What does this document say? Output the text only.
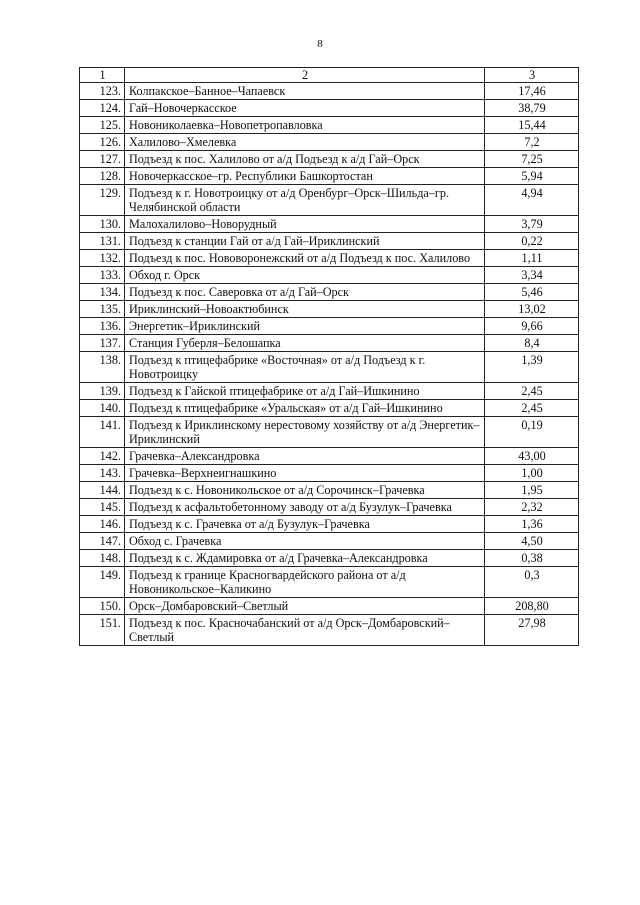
8
1	2	3
123.	Колпакское–Банное–Чапаевск	17,46
124.	Гай–Новочеркасское	38,79
125.	Новониколаевка–Новопетропавловка	15,44
126.	Халилово–Хмелевка	7,2
127.	Подъезд к пос. Халилово от а/д Подъезд к а/д Гай–Орск	7,25
128.	Новочеркасское–гр. Республики Башкортостан	5,94
129.	Подъезд к г. Новотроицку от а/д Оренбург–Орск–Шильда–гр. Челябинской области	4,94
130.	Малохалилово–Новорудный	3,79
131.	Подъезд к станции Гай от а/д Гай–Ириклинский	0,22
132.	Подъезд к пос. Нововоронежский от а/д Подъезд к пос. Халилово	1,11
133.	Обход г. Орск	3,34
134.	Подъезд к пос. Саверовка от а/д Гай–Орск	5,46
135.	Ириклинский–Новоактюбинск	13,02
136.	Энергетик–Ириклинский	9,66
137.	Станция Губерля–Белошапка	8,4
138.	Подъезд к птицефабрике «Восточная» от а/д Подъезд к г. Новотроицку	1,39
139.	Подъезд к Гайской птицефабрике от а/д Гай–Ишкинино	2,45
140.	Подъезд к птицефабрике «Уральская» от а/д Гай–Ишкинино	2,45
141.	Подъезд к Ириклинскому нерестовому хозяйству от а/д Энергетик–Ириклинский	0,19
142.	Грачевка–Александровка	43,00
143.	Грачевка–Верхнеигнашкино	1,00
144.	Подъезд к с. Новоникольское от а/д Сорочинск–Грачевка	1,95
145.	Подъезд к асфальтобетонному заводу от а/д Бузулук–Грачевка	2,32
146.	Подъезд к с. Грачевка от а/д Бузулук–Грачевка	1,36
147.	Обход с. Грачевка	4,50
148.	Подъезд к с. Ждамировка от а/д Грачевка–Александровка	0,38
149.	Подъезд к границе Красногвардейского района от а/д Новоникольское–Каликино	0,3
150.	Орск–Домбаровский–Светлый	208,80
151.	Подъезд к пос. Красночабанский от а/д Орск–Домбаровский–Светлый	27,98
